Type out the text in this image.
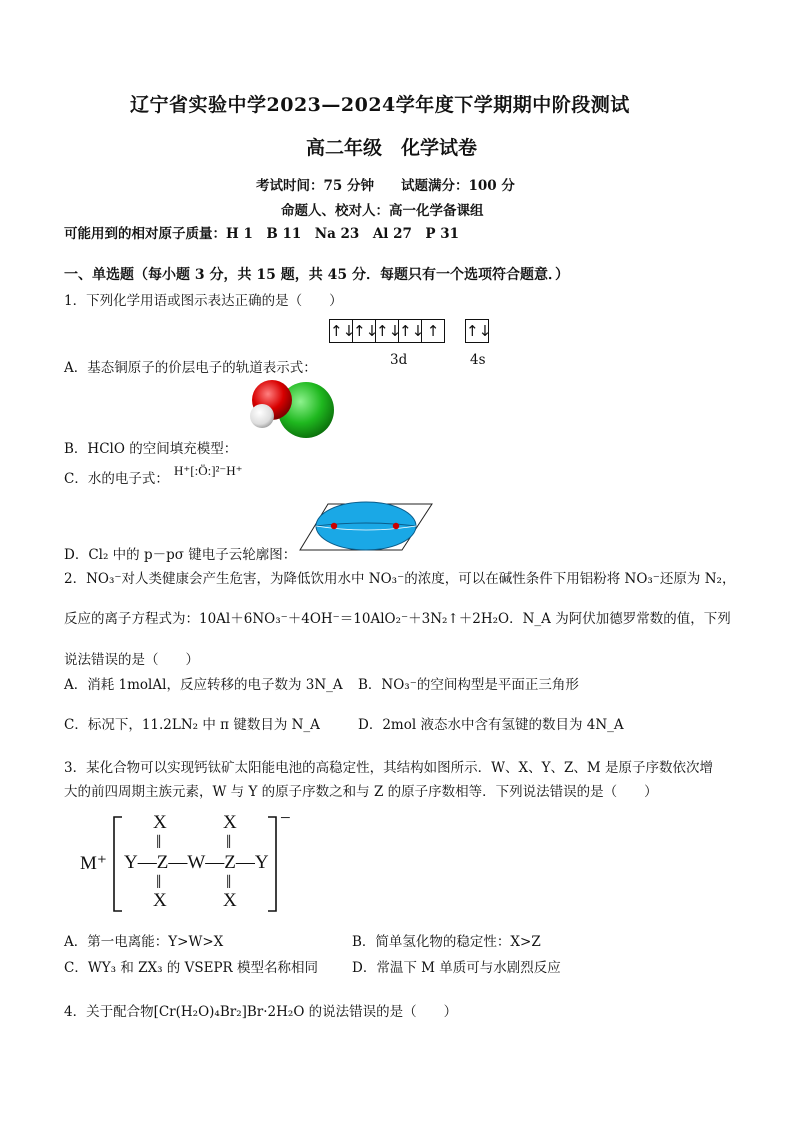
辽宁省实验中学2023—2024学年度下学期期中阶段测试
高二年级　化学试卷
考试时间：75 分钟　　试题满分：100 分
命题人、校对人：高一化学备课组
可能用到的相对原子质量：H 1　B 11　Na 23　Al 27　P 31
一、单选题（每小题 3 分，共 15 题，共 45 分．每题只有一个选项符合题意．）
1．下列化学用语或图示表达正确的是（　　）
↑↓
↑↓
↑↓
↑↓ ↑	↑↓
3d	4s
A．基态铜原子的价层电子的轨道表示式：
B．HClO 的空间填充模型：
C．水的电子式：
H⁺[:Ö:]²⁻H⁺
D．Cl₂ 中的 p－pσ 键电子云轮廓图：
2．NO₃⁻对人类健康会产生危害，为降低饮用水中 NO₃⁻的浓度，可以在碱性条件下用铝粉将 NO₃⁻还原为 N₂，
反应的离子方程式为：10Al＋6NO₃⁻＋4OH⁻＝10AlO₂⁻＋3N₂↑＋2H₂O．N_A 为阿伏加德罗常数的值，下列
说法错误的是（　　）
A．消耗 1molAl，反应转移的电子数为 3N_A B．NO₃⁻的空间构型是平面正三角形
C．标况下，11.2LN₂ 中 π 键数目为 N_A	D．2mol 液态水中含有氢键的数目为 4N_A
3．某化合物可以实现钙钛矿太阳能电池的高稳定性，其结构如图所示．W、X、Y、Z、M 是原子序数依次增
大的前四周期主族元素，W 与 Y 的原子序数之和与 Z 的原子序数相等．下列说法错误的是（　　）
M⁺
X	X
‖	‖
Y—Z—W—Z—Y
‖	‖
X	X
−
A．第一电离能：Y>W>X	B．简单氢化物的稳定性：X>Z
C．WY₃ 和 ZX₃ 的 VSEPR 模型名称相同	D．常温下 M 单质可与水剧烈反应
4．关于配合物[Cr(H₂O)₄Br₂]Br·2H₂O 的说法错误的是（　　）
